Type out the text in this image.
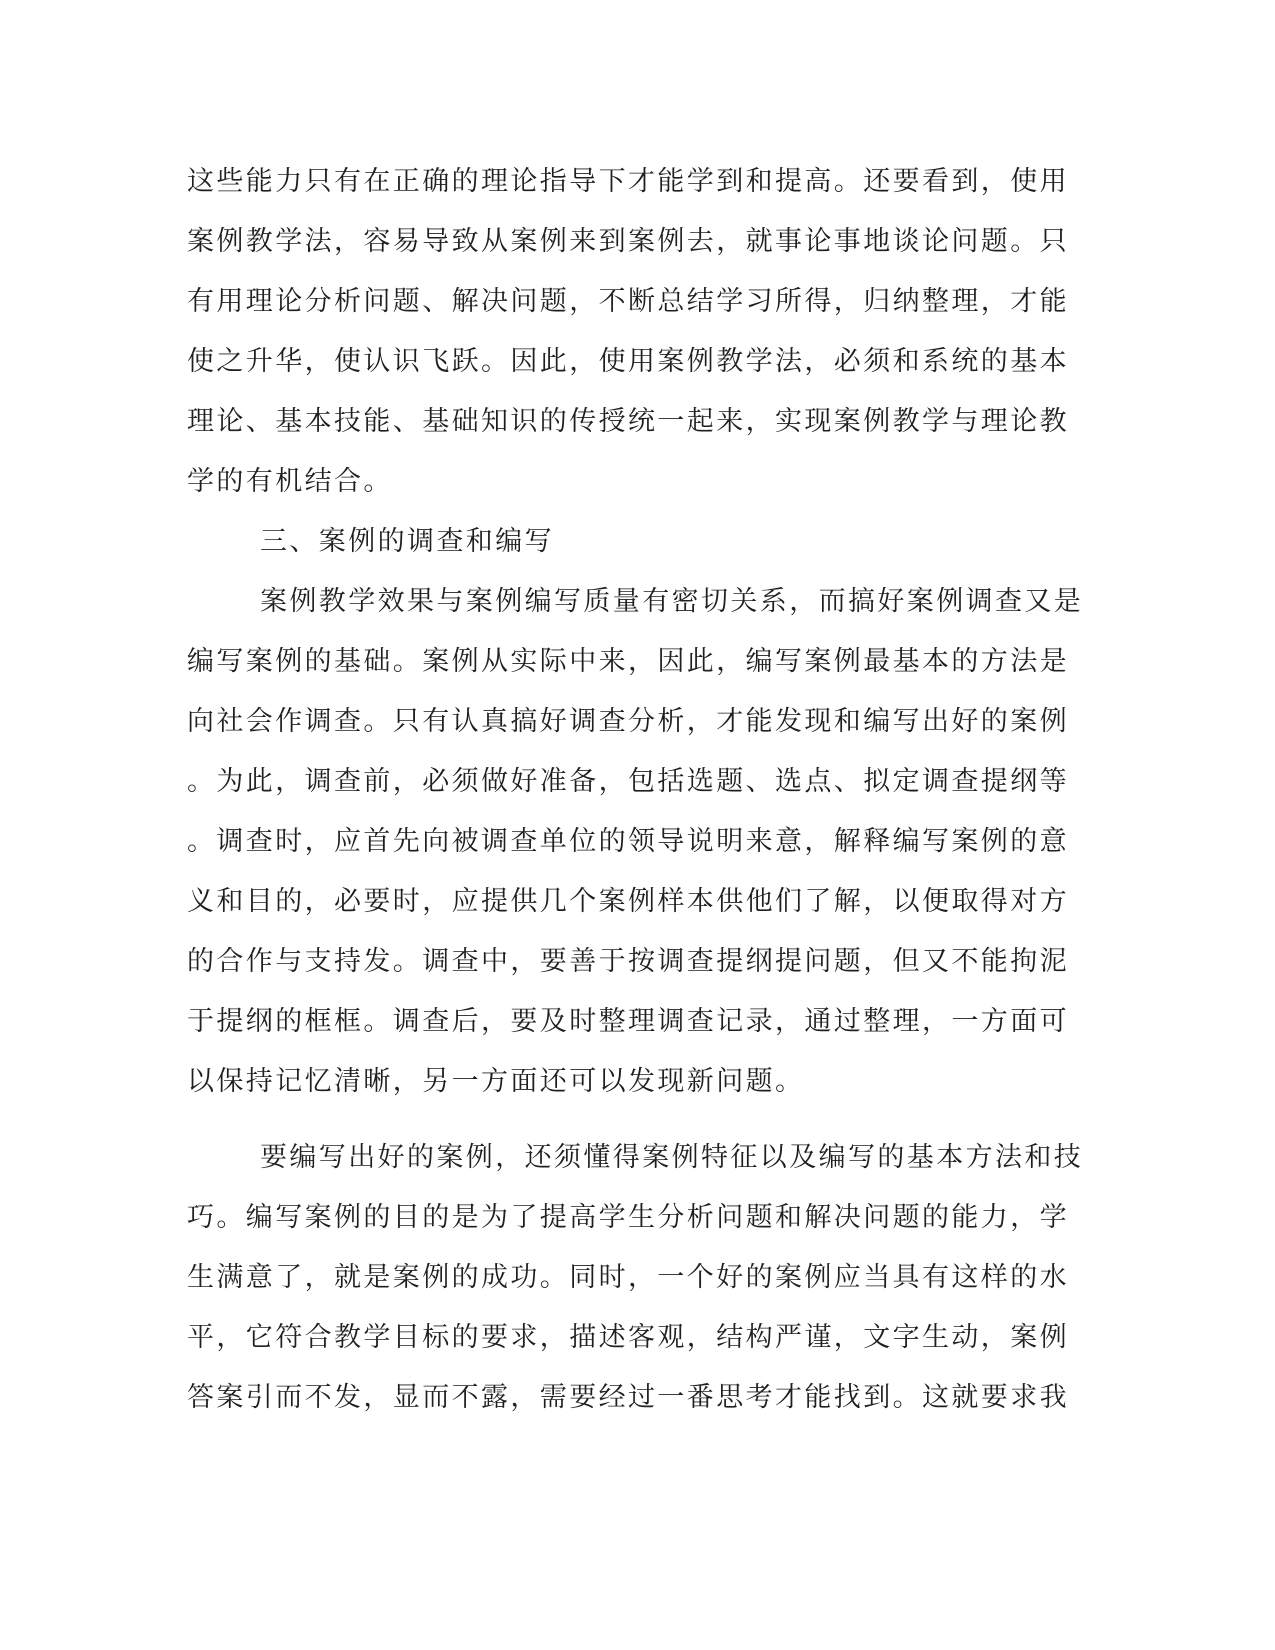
这些能力只有在正确的理论指导下才能学到和提高。还要看到，使用

案例教学法，容易导致从案例来到案例去，就事论事地谈论问题。只

有用理论分析问题、解决问题，不断总结学习所得，归纳整理，才能

使之升华，使认识飞跃。因此，使用案例教学法，必须和系统的基本

理论、基本技能、基础知识的传授统一起来，实现案例教学与理论教

学的有机结合。

三、案例的调查和编写

案例教学效果与案例编写质量有密切关系，而搞好案例调查又是

编写案例的基础。案例从实际中来，因此，编写案例最基本的方法是

向社会作调查。只有认真搞好调查分析，才能发现和编写出好的案例

。为此，调查前，必须做好准备，包括选题、选点、拟定调查提纲等

。调查时，应首先向被调查单位的领导说明来意，解释编写案例的意

义和目的，必要时，应提供几个案例样本供他们了解，以便取得对方

的合作与支持发。调查中，要善于按调查提纲提问题，但又不能拘泥

于提纲的框框。调查后，要及时整理调查记录，通过整理，一方面可

以保持记忆清晰，另一方面还可以发现新问题。

要编写出好的案例，还须懂得案例特征以及编写的基本方法和技

巧。编写案例的目的是为了提高学生分析问题和解决问题的能力，学

生满意了，就是案例的成功。同时，一个好的案例应当具有这样的水

平，它符合教学目标的要求，描述客观，结构严谨，文字生动，案例

答案引而不发，显而不露，需要经过一番思考才能找到。这就要求我
